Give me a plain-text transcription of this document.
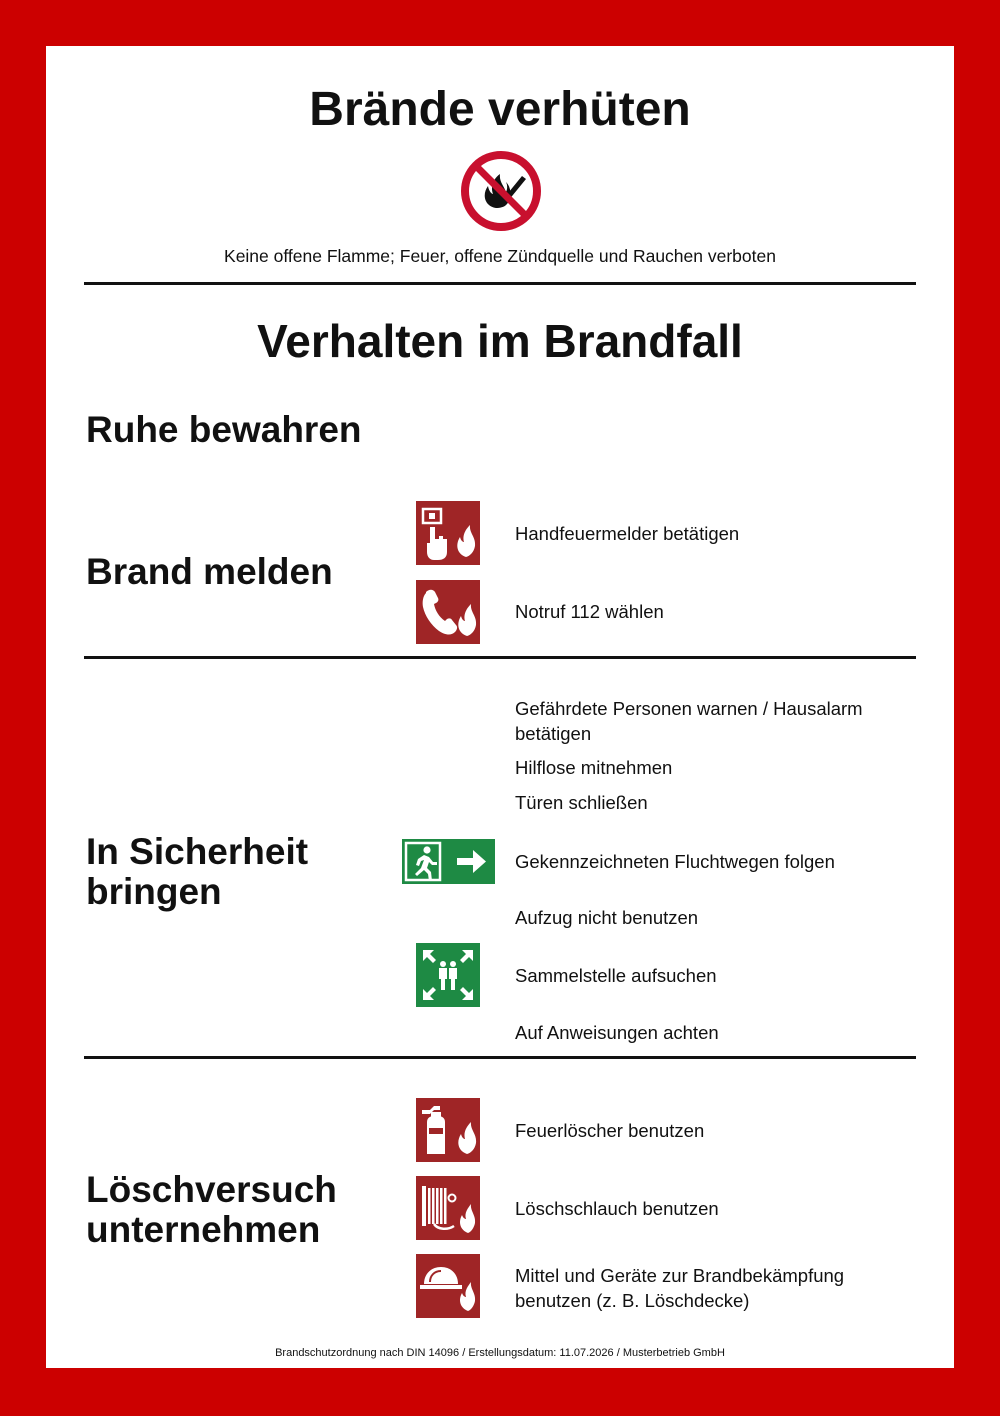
Brände verhüten
Keine offene Flamme; Feuer, offene Zündquelle und Rauchen verboten
Verhalten im Brandfall
Ruhe bewahren
Brand melden
Handfeuermelder betätigen
Notruf 112 wählen
In Sicherheit
bringen
Gefährdete Personen warnen / Hausalarm betätigen
Hilflose mitnehmen
Türen schließen
Gekennzeichneten Fluchtwegen folgen
Aufzug nicht benutzen
Sammelstelle aufsuchen
Auf Anweisungen achten
Löschversuch
unternehmen
Feuerlöscher benutzen
Löschschlauch benutzen
Mittel und Geräte zur Brandbekämpfung benutzen (z. B. Löschdecke)
Brandschutzordnung nach DIN 14096 / Erstellungsdatum: 11.07.2026 / Musterbetrieb GmbH
